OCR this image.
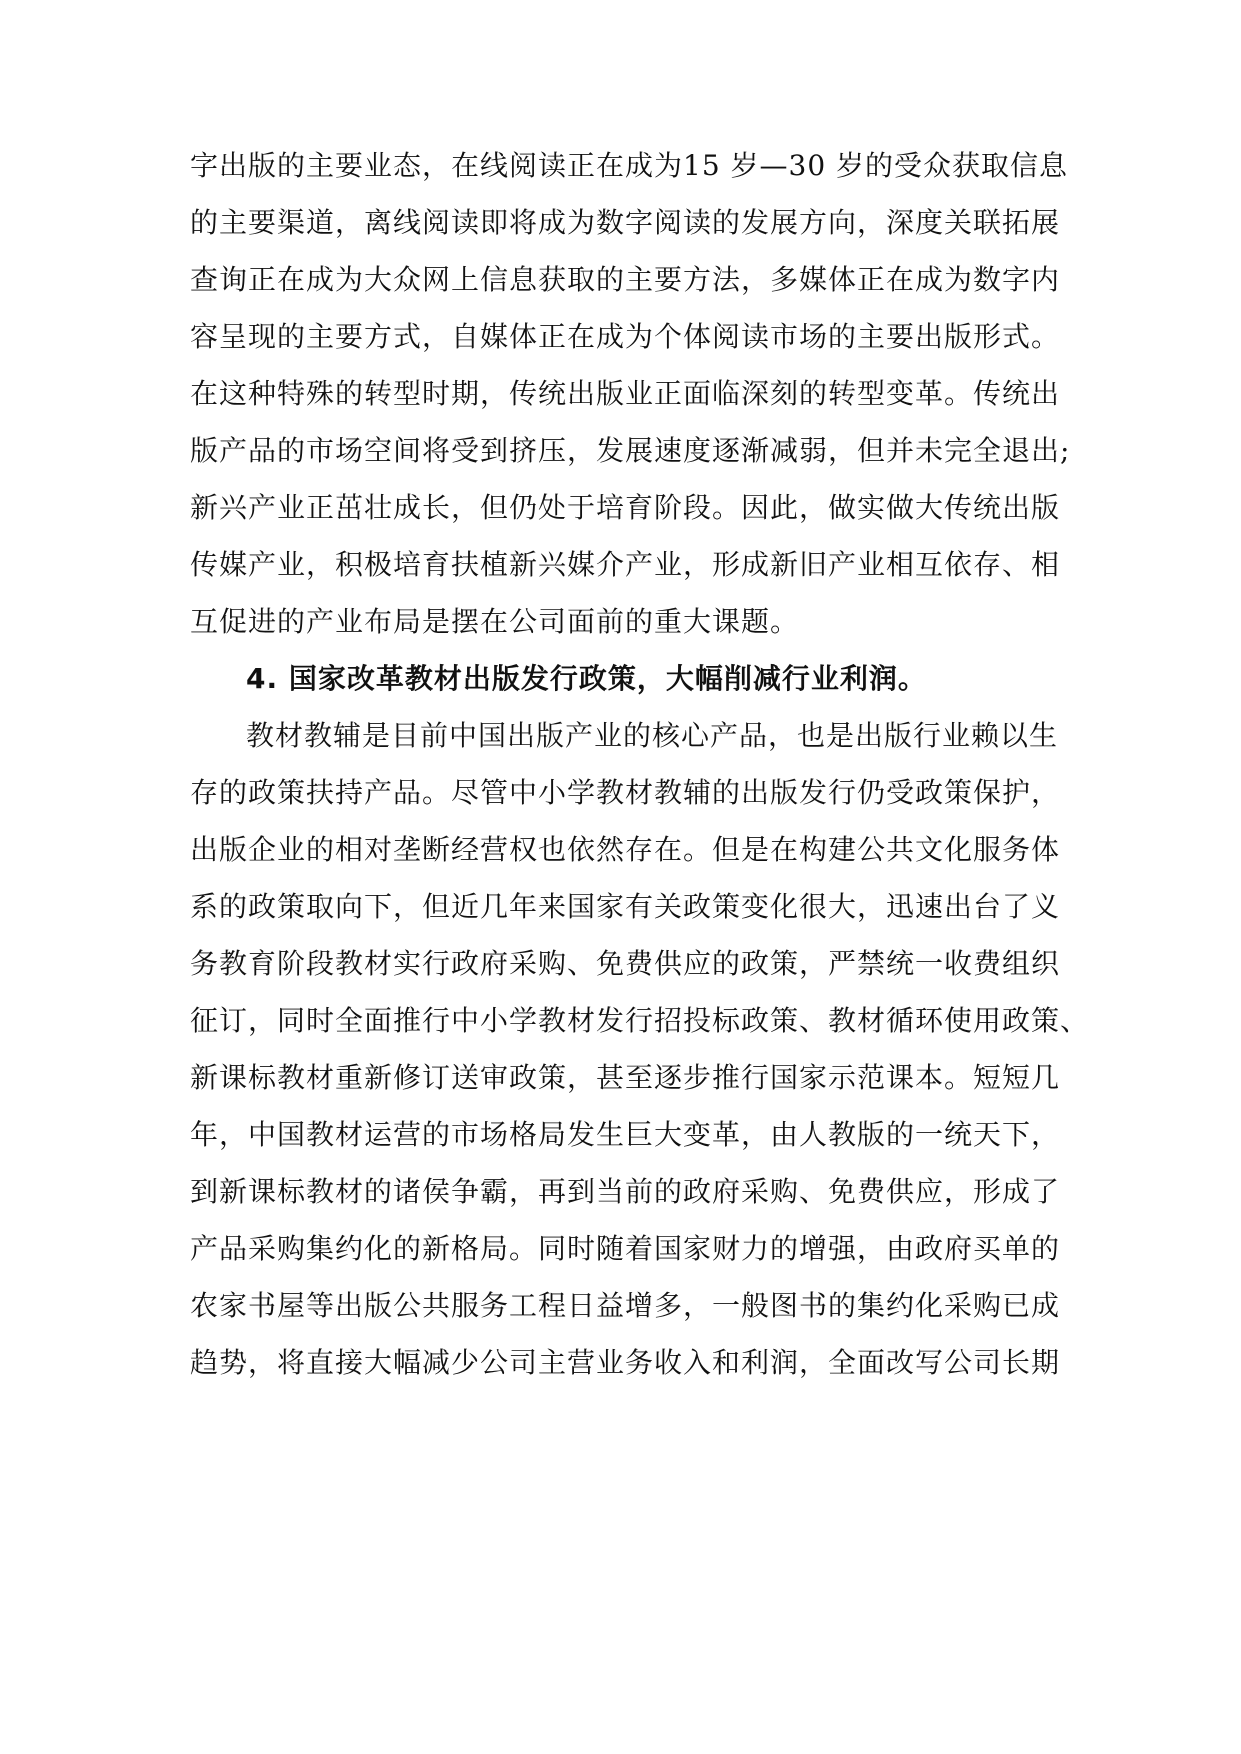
字出版的主要业态，在线阅读正在成为15 岁—30 岁的受众获取信息
的主要渠道，离线阅读即将成为数字阅读的发展方向，深度关联拓展
查询正在成为大众网上信息获取的主要方法，多媒体正在成为数字内
容呈现的主要方式，自媒体正在成为个体阅读市场的主要出版形式。
在这种特殊的转型时期，传统出版业正面临深刻的转型变革。传统出
版产品的市场空间将受到挤压，发展速度逐渐减弱，但并未完全退出;
新兴产业正茁壮成长，但仍处于培育阶段。因此，做实做大传统出版
传媒产业，积极培育扶植新兴媒介产业，形成新旧产业相互依存、相
互促进的产业布局是摆在公司面前的重大课题。
4. 国家改革教材出版发行政策，大幅削减行业利润。
教材教辅是目前中国出版产业的核心产品，也是出版行业赖以生
存的政策扶持产品。尽管中小学教材教辅的出版发行仍受政策保护，
出版企业的相对垄断经营权也依然存在。但是在构建公共文化服务体
系的政策取向下，但近几年来国家有关政策变化很大，迅速出台了义
务教育阶段教材实行政府采购、免费供应的政策，严禁统一收费组织
征订，同时全面推行中小学教材发行招投标政策、教材循环使用政策、
新课标教材重新修订送审政策，甚至逐步推行国家示范课本。短短几
年，中国教材运营的市场格局发生巨大变革，由人教版的一统天下，
到新课标教材的诸侯争霸，再到当前的政府采购、免费供应，形成了
产品采购集约化的新格局。同时随着国家财力的增强，由政府买单的
农家书屋等出版公共服务工程日益增多，一般图书的集约化采购已成
趋势，将直接大幅减少公司主营业务收入和利润，全面改写公司长期
